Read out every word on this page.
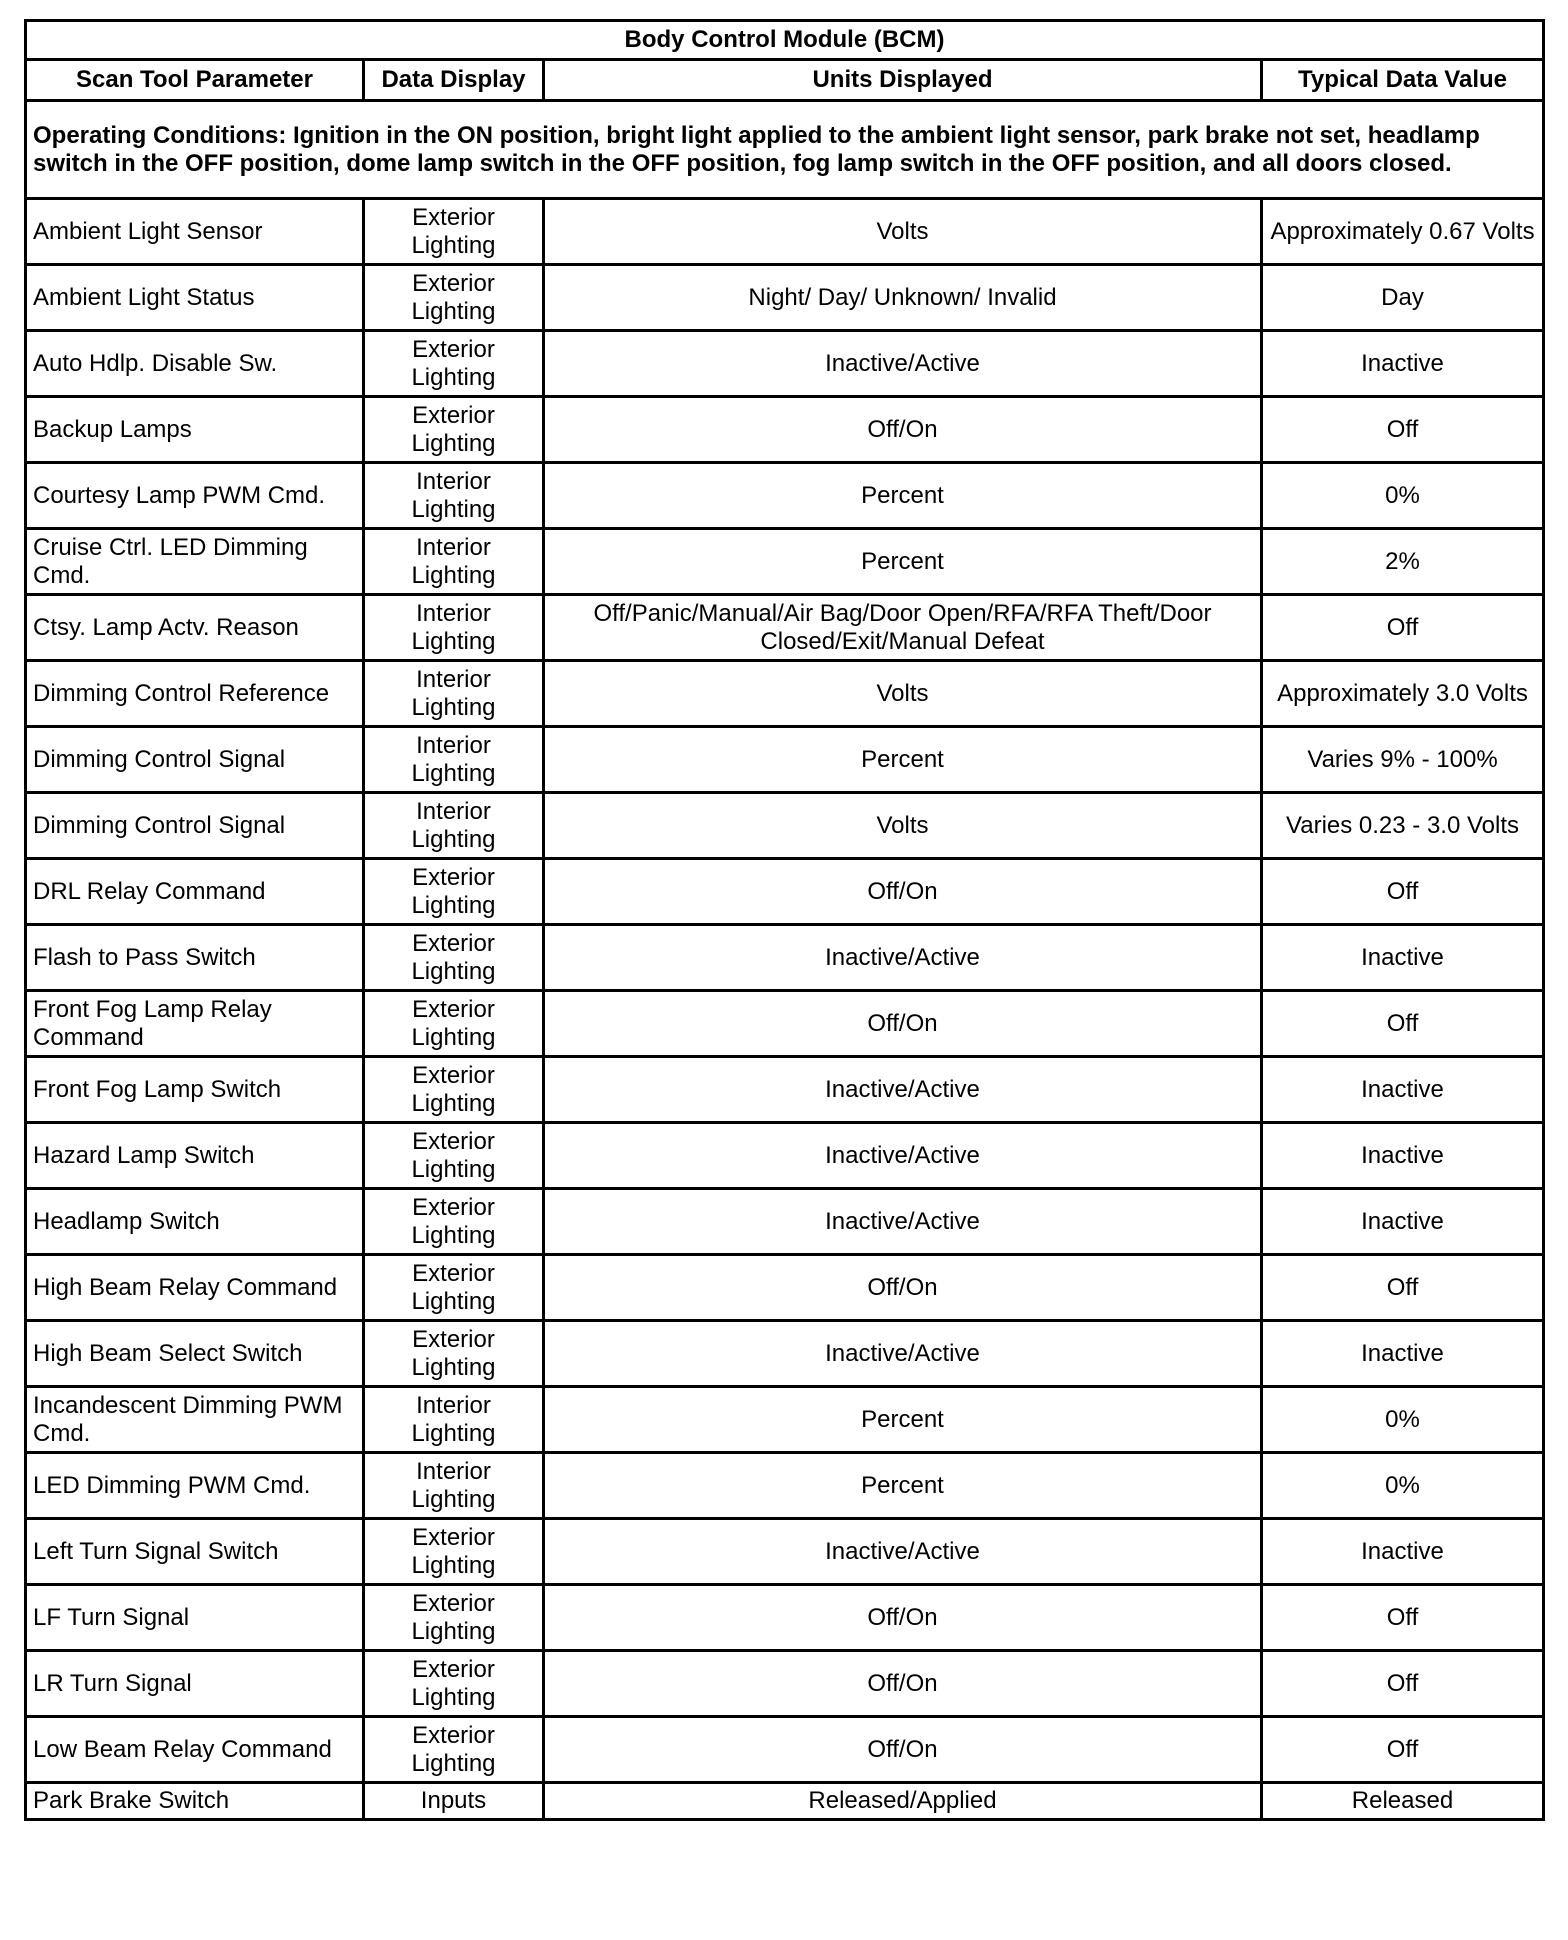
Body Control Module (BCM)			
Scan Tool Parameter	Data Display	Units Displayed	Typical Data Value
Operating Conditions: Ignition in the ON position, bright light applied to the ambient light sensor, park brake not set, headlamp switch in the OFF position, dome lamp switch in the OFF position, fog lamp switch in the OFF position, and all doors closed.			
Ambient Light Sensor	Exterior Lighting	Volts	Approximately 0.67 Volts
Ambient Light Status	Exterior Lighting	Night/ Day/ Unknown/ Invalid	Day
Auto Hdlp. Disable Sw.	Exterior Lighting	Inactive/Active	Inactive
Backup Lamps	Exterior Lighting	Off/On	Off
Courtesy Lamp PWM Cmd.	Interior Lighting	Percent	0%
Cruise Ctrl. LED Dimming Cmd.	Interior Lighting	Percent	2%
Ctsy. Lamp Actv. Reason	Interior Lighting	Off/Panic/Manual/Air Bag/Door Open/RFA/RFA Theft/Door Closed/Exit/Manual Defeat	Off
Dimming Control Reference	Interior Lighting	Volts	Approximately 3.0 Volts
Dimming Control Signal	Interior Lighting	Percent	Varies 9% - 100%
Dimming Control Signal	Interior Lighting	Volts	Varies 0.23 - 3.0 Volts
DRL Relay Command	Exterior Lighting	Off/On	Off
Flash to Pass Switch	Exterior Lighting	Inactive/Active	Inactive
Front Fog Lamp Relay Command	Exterior Lighting	Off/On	Off
Front Fog Lamp Switch	Exterior Lighting	Inactive/Active	Inactive
Hazard Lamp Switch	Exterior Lighting	Inactive/Active	Inactive
Headlamp Switch	Exterior Lighting	Inactive/Active	Inactive
High Beam Relay Command	Exterior Lighting	Off/On	Off
High Beam Select Switch	Exterior Lighting	Inactive/Active	Inactive
Incandescent Dimming PWM Cmd.	Interior Lighting	Percent	0%
LED Dimming PWM Cmd.	Interior Lighting	Percent	0%
Left Turn Signal Switch	Exterior Lighting	Inactive/Active	Inactive
LF Turn Signal	Exterior Lighting	Off/On	Off
LR Turn Signal	Exterior Lighting	Off/On	Off
Low Beam Relay Command	Exterior Lighting	Off/On	Off
Park Brake Switch	Inputs	Released/Applied	Released
